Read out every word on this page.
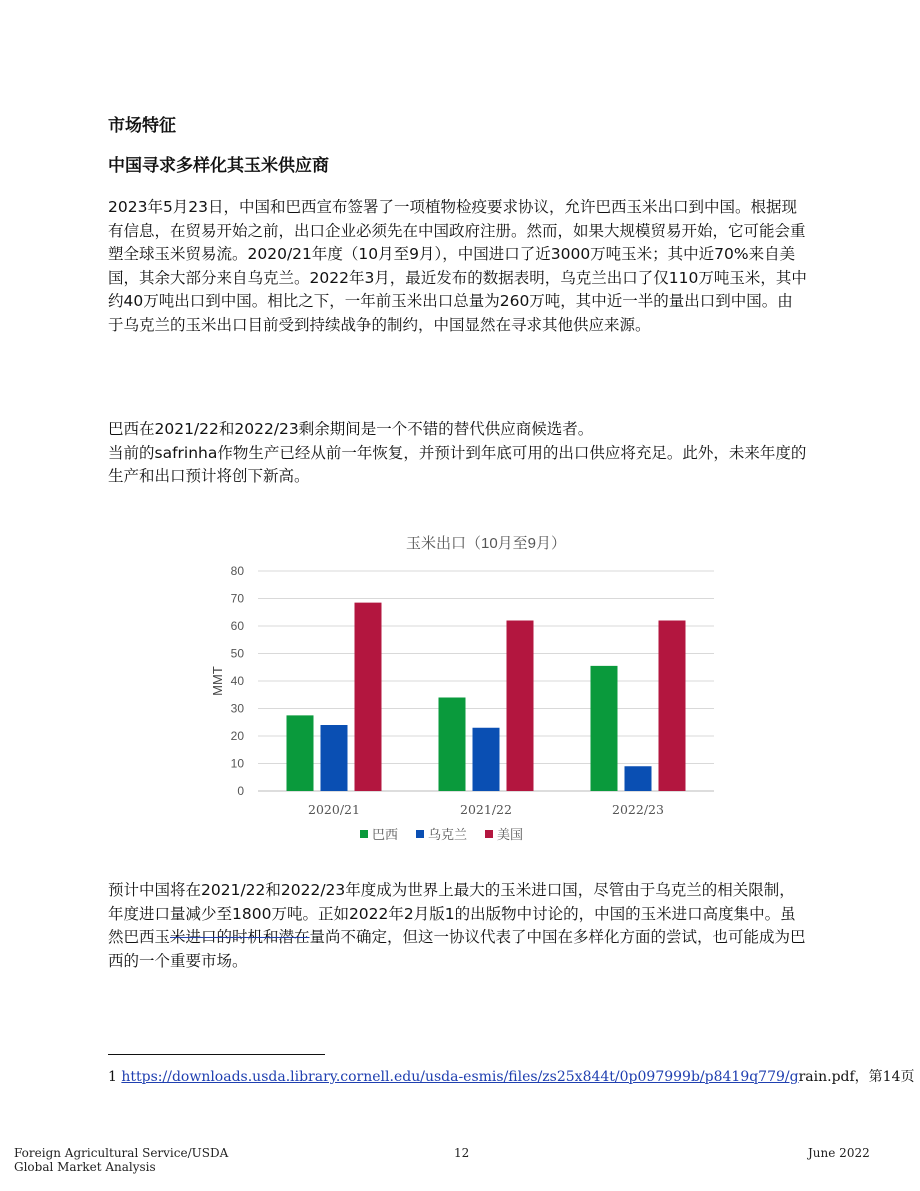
市场特征
中国寻求多样化其玉米供应商

2023年5月23日，中国和巴西宣布签署了一项植物检疫要求协议，允许巴西玉米出口到中国。根据现有信息，在贸易开始之前，出口企业必须先在中国政府注册。然而，如果大规模贸易开始，它可能会重塑全球玉米贸易流。2020/21年度（10月至9月），中国进口了近3000万吨玉米；其中近70%来自美国，其余大部分来自乌克兰。2022年3月，最近发布的数据表明，乌克兰出口了仅110万吨玉米，其中约40万吨出口到中国。相比之下，一年前玉米出口总量为260万吨，其中近一半的量出口到中国。由于乌克兰的玉米出口目前受到持续战争的制约，中国显然在寻求其他供应来源。

巴西在2021/22和2022/23剩余期间是一个不错的替代供应商候选者。

当前的safrinha作物生产已经从前一年恢复，并预计到年底可用的出口供应将充足。此外，未来年度的生产和出口预计将创下新高。

玉米出口（10月至9月）
0
10
20
30
40
50
60
70
80
MMT
2020/21	2021/22	2022/23
巴西 乌克兰 美国

预计中国将在2021/22和2022/23年度成为世界上最大的玉米进口国，尽管由于乌克兰的相关限制，年度进口量减少至1800万吨。正如2022年2月版1的出版物中讨论的，中国的玉米进口高度集中。虽然巴西玉米进口的时机和潜在量尚不确定，但这一协议代表了中国在多样化方面的尝试，也可能成为巴西的一个重要市场。

1 https://downloads.usda.library.cornell.edu/usda-esmis/files/zs25x844t/0p097999b/p8419q779/grain.pdf，第14页
Foreign Agricultural Service/USDA
Global Market Analysis
12	June 2022
